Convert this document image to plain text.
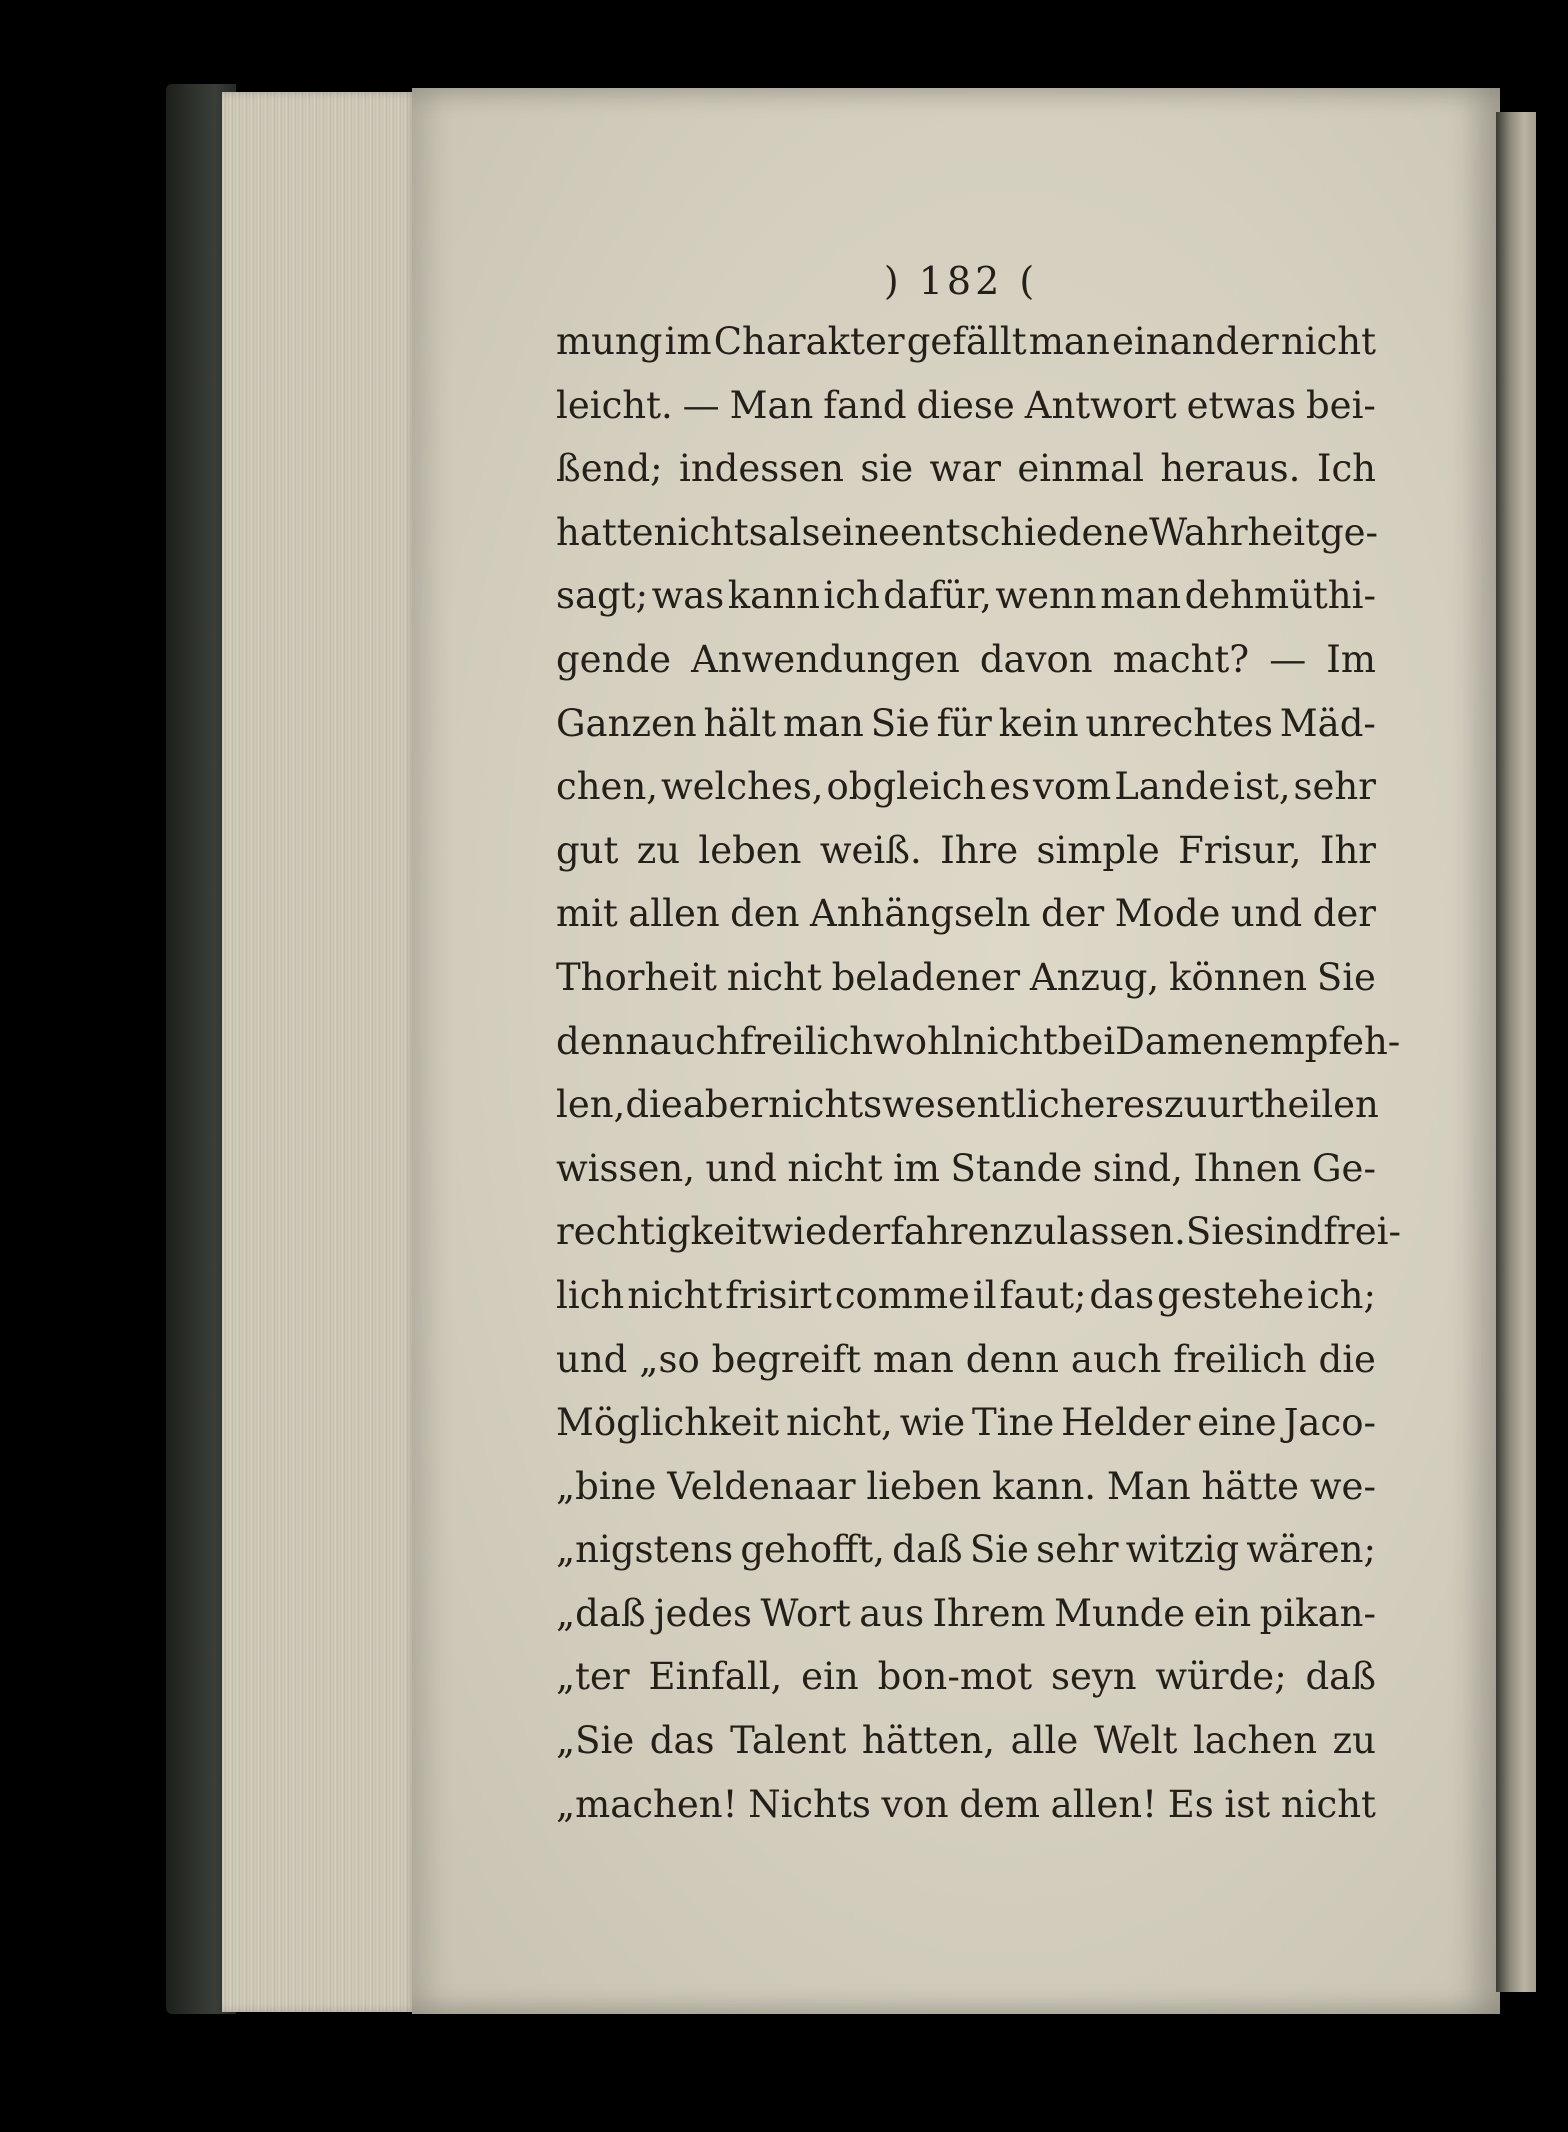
) 182 (
mung im Charakter gefällt man einander nicht
leicht. — Man fand diese Antwort etwas bei-
ßend; indessen sie war einmal heraus. Ich
hatte nichts als eine entschiedene Wahrheit ge-
sagt; was kann ich dafür, wenn man dehmüthi-
gende Anwendungen davon macht? — Im
Ganzen hält man Sie für kein unrechtes Mäd-
chen, welches, obgleich es vom Lande ist, sehr
gut zu leben weiß. Ihre simple Frisur, Ihr
mit allen den Anhängseln der Mode und der
Thorheit nicht beladener Anzug, können Sie
denn auch freilich wohl nicht bei Damen empfeh-
len, die aber nichts wesentlicheres zu urtheilen
wissen, und nicht im Stande sind, Ihnen Ge-
rechtigkeit wiederfahren zu lassen. Sie sind frei-
lich nicht frisirt comme il faut; das gestehe ich;
und „so begreift man denn auch freilich die
Möglichkeit nicht, wie Tine Helder eine Jaco-
„bine Veldenaar lieben kann. Man hätte we-
„nigstens gehofft, daß Sie sehr witzig wären;
„daß jedes Wort aus Ihrem Munde ein pikan-
„ter Einfall, ein bon-mot seyn würde; daß
„Sie das Talent hätten, alle Welt lachen zu
„machen! Nichts von dem allen! Es ist nicht
